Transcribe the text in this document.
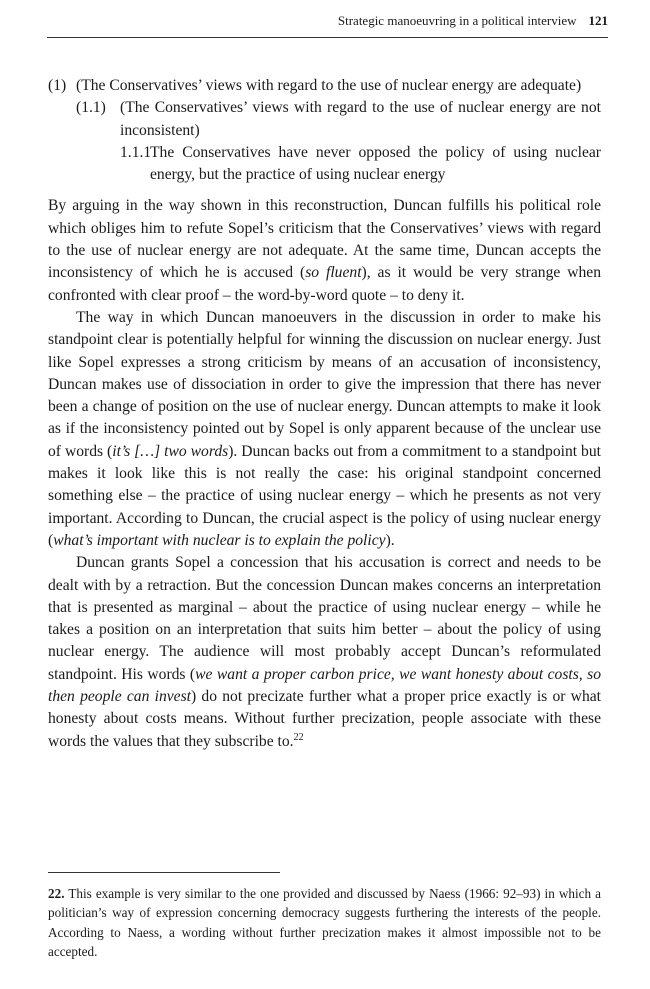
Strategic manoeuvring in a political interview 121
(1) (The Conservatives’ views with regard to the use of nuclear energy are adequate)
(1.1) (The Conservatives’ views with regard to the use of nuclear energy are not inconsistent)
1.1.1
The Conservatives have never opposed the policy of using nuclear energy, but the practice of using nuclear energy

By arguing in the way shown in this reconstruction, Duncan fulfills his political role which obliges him to refute Sopel’s criticism that the Conservatives’ views with regard to the use of nuclear energy are not adequate. At the same time, Duncan accepts the inconsistency of which he is accused (so fluent), as it would be very strange when confronted with clear proof – the word-by-word quote – to deny it.

The way in which Duncan manoeuvers in the discussion in order to make his standpoint clear is potentially helpful for winning the discussion on nuclear energy. Just like Sopel expresses a strong criticism by means of an accusation of inconsistency, Duncan makes use of dissociation in order to give the impression that there has never been a change of position on the use of nuclear energy. Duncan attempts to make it look as if the inconsistency pointed out by Sopel is only apparent because of the unclear use of words (it’s […] two words). Duncan backs out from a commitment to a standpoint but makes it look like this is not really the case: his original standpoint concerned something else – the practice of using nuclear energy – which he presents as not very important. According to Duncan, the crucial aspect is the policy of using nuclear energy (what’s important with nuclear is to explain the policy).

Duncan grants Sopel a concession that his accusation is correct and needs to be dealt with by a retraction. But the concession Duncan makes concerns an interpretation that is presented as marginal – about the practice of using nuclear energy – while he takes a position on an interpretation that suits him better – about the policy of using nuclear energy. The audience will most probably accept Duncan’s reformulated standpoint. His words (we want a proper carbon price, we want honesty about costs, so then people can invest) do not precizate further what a proper price exactly is or what honesty about costs means. Without further precization, people associate with these words the values that they subscribe to.$^{22}$

22. This example is very similar to the one provided and discussed by Naess (1966: 92–93) in which a politician’s way of expression concerning democracy suggests furthering the interests of the people. According to Naess, a wording without further precization makes it almost impossible not to be accepted.
